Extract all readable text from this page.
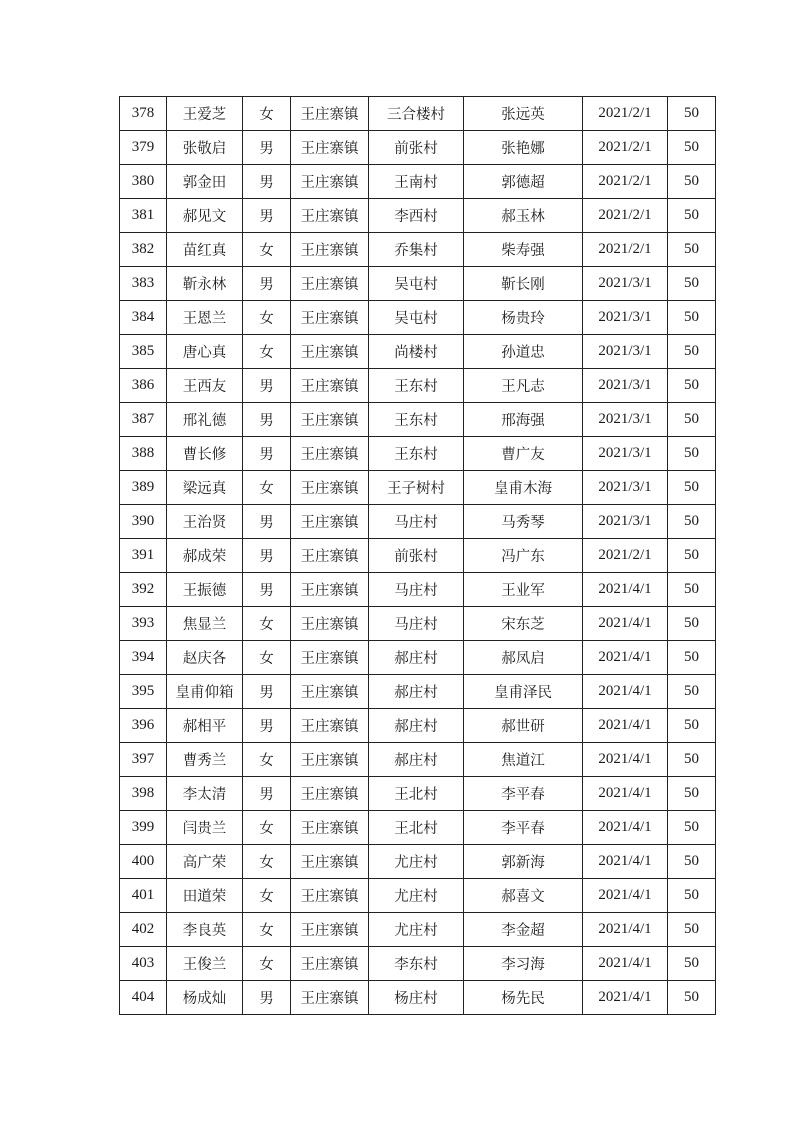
378	王爱芝	女	王庄寨镇	三合楼村	张远英	2021/2/1	50
379	张敬启	男	王庄寨镇	前张村	张艳娜	2021/2/1	50
380	郭金田	男	王庄寨镇	王南村	郭德超	2021/2/1	50
381	郝见文	男	王庄寨镇	李西村	郝玉林	2021/2/1	50
382	苗红真	女	王庄寨镇	乔集村	柴寿强	2021/2/1	50
383	靳永林	男	王庄寨镇	吴屯村	靳长刚	2021/3/1	50
384	王恩兰	女	王庄寨镇	吴屯村	杨贵玲	2021/3/1	50
385	唐心真	女	王庄寨镇	尚楼村	孙道忠	2021/3/1	50
386	王西友	男	王庄寨镇	王东村	王凡志	2021/3/1	50
387	邢礼德	男	王庄寨镇	王东村	邢海强	2021/3/1	50
388	曹长修	男	王庄寨镇	王东村	曹广友	2021/3/1	50
389	梁远真	女	王庄寨镇	王子树村	皇甫木海	2021/3/1	50
390	王治贤	男	王庄寨镇	马庄村	马秀琴	2021/3/1	50
391	郝成荣	男	王庄寨镇	前张村	冯广东	2021/2/1	50
392	王振德	男	王庄寨镇	马庄村	王业军	2021/4/1	50
393	焦显兰	女	王庄寨镇	马庄村	宋东芝	2021/4/1	50
394	赵庆各	女	王庄寨镇	郝庄村	郝凤启	2021/4/1	50
395	皇甫仰箱	男	王庄寨镇	郝庄村	皇甫泽民	2021/4/1	50
396	郝相平	男	王庄寨镇	郝庄村	郝世研	2021/4/1	50
397	曹秀兰	女	王庄寨镇	郝庄村	焦道江	2021/4/1	50
398	李太清	男	王庄寨镇	王北村	李平春	2021/4/1	50
399	闫贵兰	女	王庄寨镇	王北村	李平春	2021/4/1	50
400	高广荣	女	王庄寨镇	尤庄村	郭新海	2021/4/1	50
401	田道荣	女	王庄寨镇	尤庄村	郝喜文	2021/4/1	50
402	李良英	女	王庄寨镇	尤庄村	李金超	2021/4/1	50
403	王俊兰	女	王庄寨镇	李东村	李习海	2021/4/1	50
404	杨成灿	男	王庄寨镇	杨庄村	杨先民	2021/4/1	50
